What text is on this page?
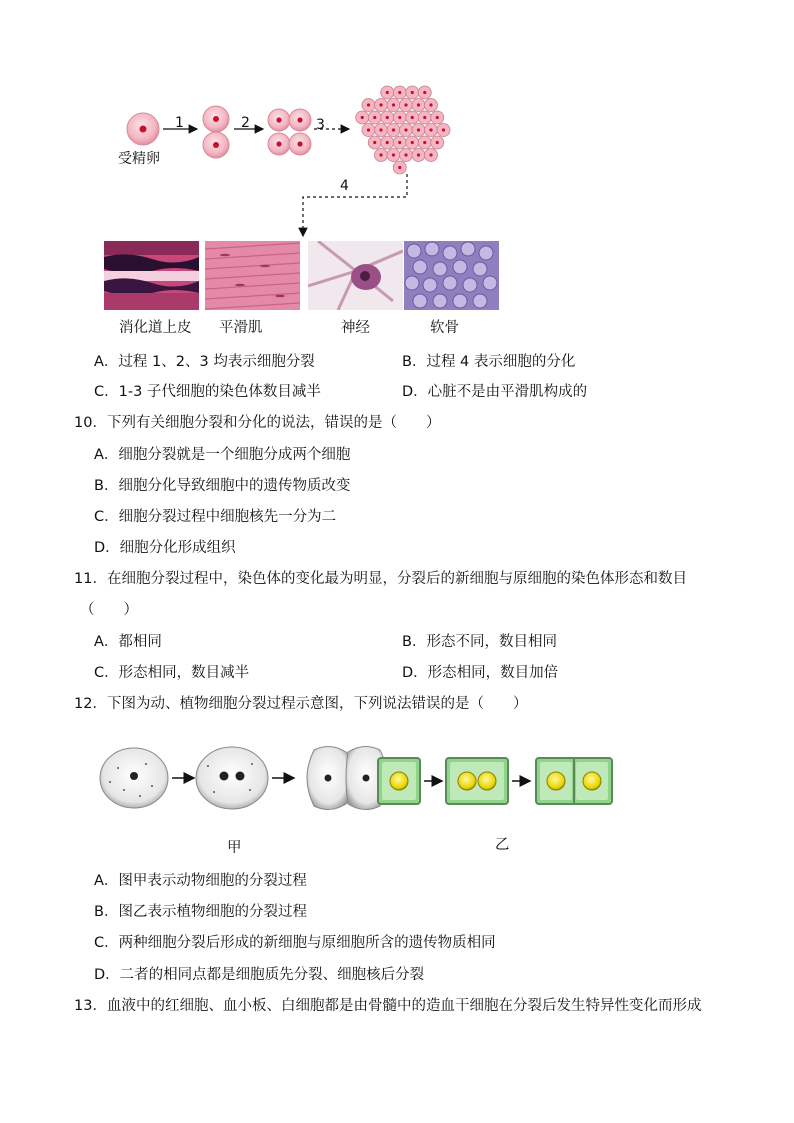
受精卵
1	2	3
4
消化道上皮 平滑肌	神经	软骨
A．过程 1、2、3 均表示细胞分裂	B．过程 4 表示细胞的分化
C．1-3 子代细胞的染色体数目减半	D．心脏不是由平滑肌构成的
10．下列有关细胞分裂和分化的说法，错误的是（　　）
A．细胞分裂就是一个细胞分成两个细胞
B．细胞分化导致细胞中的遗传物质改变
C．细胞分裂过程中细胞核先一分为二
D．细胞分化形成组织
11．在细胞分裂过程中，染色体的变化最为明显，分裂后的新细胞与原细胞的染色体形态和数目
（　　）
A．都相同	B．形态不同，数目相同
C．形态相同，数目减半	D．形态相同，数目加倍
12．下图为动、植物细胞分裂过程示意图，下列说法错误的是（　　）
甲	乙
A．图甲表示动物细胞的分裂过程
B．图乙表示植物细胞的分裂过程
C．两种细胞分裂后形成的新细胞与原细胞所含的遗传物质相同
D．二者的相同点都是细胞质先分裂、细胞核后分裂
13．血液中的红细胞、血小板、白细胞都是由骨髓中的造血干细胞在分裂后发生特异性变化而形成
